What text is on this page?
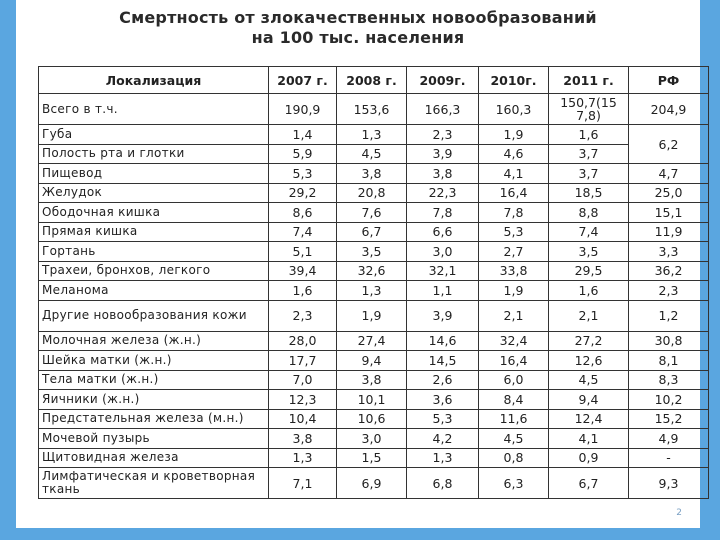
Смертность от злокачественных новообразований
на 100 тыс. населения
Локализация	2007 г.	2008 г.	2009г.	2010г.	2011 г.	РФ
Всего в т.ч.	190,9	153,6	166,3	160,3	150,7(15 7,8)	204,9
Губа	1,4	1,3	2,3	1,9	1,6	6,2
Полость рта и глотки	5,9	4,5	3,9	4,6	3,7	
Пищевод	5,3	3,8	3,8	4,1	3,7	4,7
Желудок	29,2	20,8	22,3	16,4	18,5	25,0
Ободочная кишка	8,6	7,6	7,8	7,8	8,8	15,1
Прямая кишка	7,4	6,7	6,6	5,3	7,4	11,9
Гортань	5,1	3,5	3,0	2,7	3,5	3,3
Трахеи, бронхов, легкого	39,4	32,6	32,1	33,8	29,5	36,2
Меланома	1,6	1,3	1,1	1,9	1,6	2,3
Другие новообразования кожи	2,3	1,9	3,9	2,1	2,1	1,2
Молочная железа (ж.н.)	28,0	27,4	14,6	32,4	27,2	30,8
Шейка матки (ж.н.)	17,7	9,4	14,5	16,4	12,6	8,1
Тела матки (ж.н.)	7,0	3,8	2,6	6,0	4,5	8,3
Яичники (ж.н.)	12,3	10,1	3,6	8,4	9,4	10,2
Предстательная железа (м.н.)	10,4	10,6	5,3	11,6	12,4	15,2
Мочевой пузырь	3,8	3,0	4,2	4,5	4,1	4,9
Щитовидная железа	1,3	1,5	1,3	0,8	0,9	-
Лимфатическая и кроветворная ткань	7,1	6,9	6,8	6,3	6,7	9,3
2
